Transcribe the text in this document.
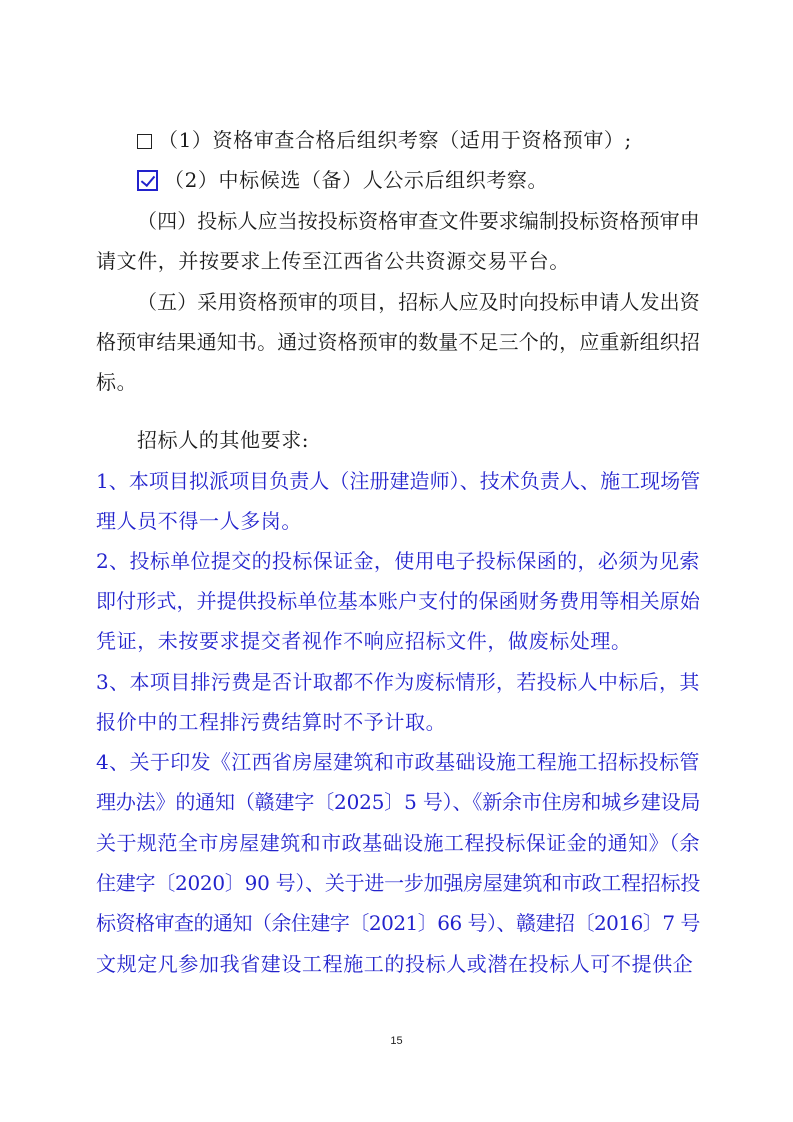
（1）资格审查合格后组织考察（适用于资格预审）;
（2）中标候选（备）人公示后组织考察。
（四）投标人应当按投标资格审查文件要求编制投标资格预审申
请文件，并按要求上传至江西省公共资源交易平台。
（五）采用资格预审的项目，招标人应及时向投标申请人发出资
格预审结果通知书。通过资格预审的数量不足三个的，应重新组织招
标。
招标人的其他要求:
1、本项目拟派项目负责人（注册建造师）、技术负责人、施工现场管
理人员不得一人多岗。
2、投标单位提交的投标保证金，使用电子投标保函的，必须为见索
即付形式，并提供投标单位基本账户支付的保函财务费用等相关原始
凭证，未按要求提交者视作不响应招标文件，做废标处理。
3、本项目排污费是否计取都不作为废标情形，若投标人中标后，其
报价中的工程排污费结算时不予计取。
4、关于印发《江西省房屋建筑和市政基础设施工程施工招标投标管
理办法》的通知（赣建字〔2025〕5 号）、《新余市住房和城乡建设局
关于规范全市房屋建筑和市政基础设施工程投标保证金的通知》（余
住建字〔2020〕90 号）、关于进一步加强房屋建筑和市政工程招标投
标资格审查的通知（余住建字〔2021〕66 号）、赣建招〔2016〕7 号
文规定凡参加我省建设工程施工的投标人或潜在投标人可不提供企
15
